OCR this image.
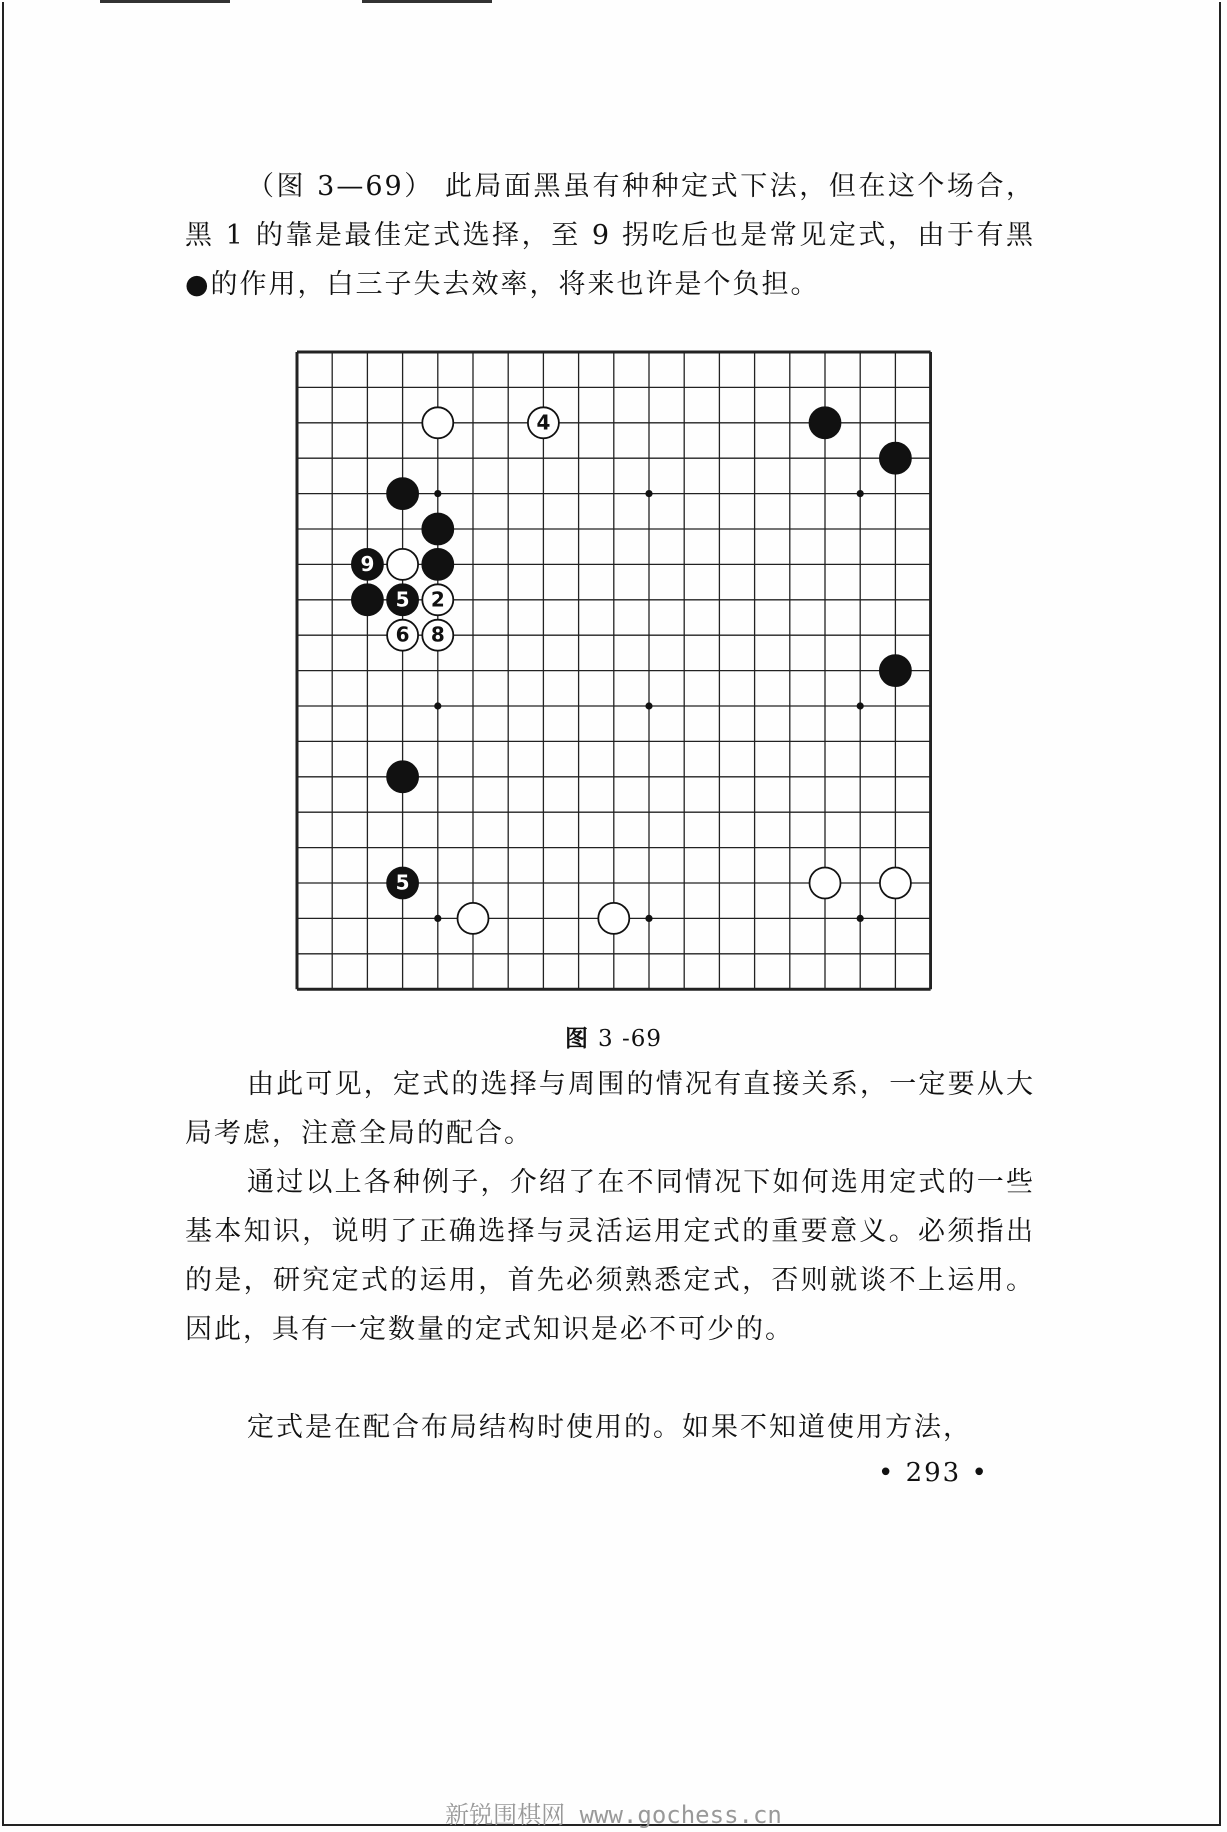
（图 3—69） 此局面黑虽有种种定式下法，但在这个场合，黑 1 的靠是最佳定式选择，至 9 拐吃后也是常见定式，由于有黑●的作用，白三子失去效率，将来也许是个负担。

4
9
5 2
6 8
5
图 3 -69

由此可见，定式的选择与周围的情况有直接关系，一定要从大局考虑，注意全局的配合。

通过以上各种例子，介绍了在不同情况下如何选用定式的一些基本知识，说明了正确选择与灵活运用定式的重要意义。必须指出的是，研究定式的运用，首先必须熟悉定式，否则就谈不上运用。因此，具有一定数量的定式知识是必不可少的。

定式是在配合布局结构时使用的。如果不知道使用方法，

• 293 •
新锐围棋网 www.gochess.cn
